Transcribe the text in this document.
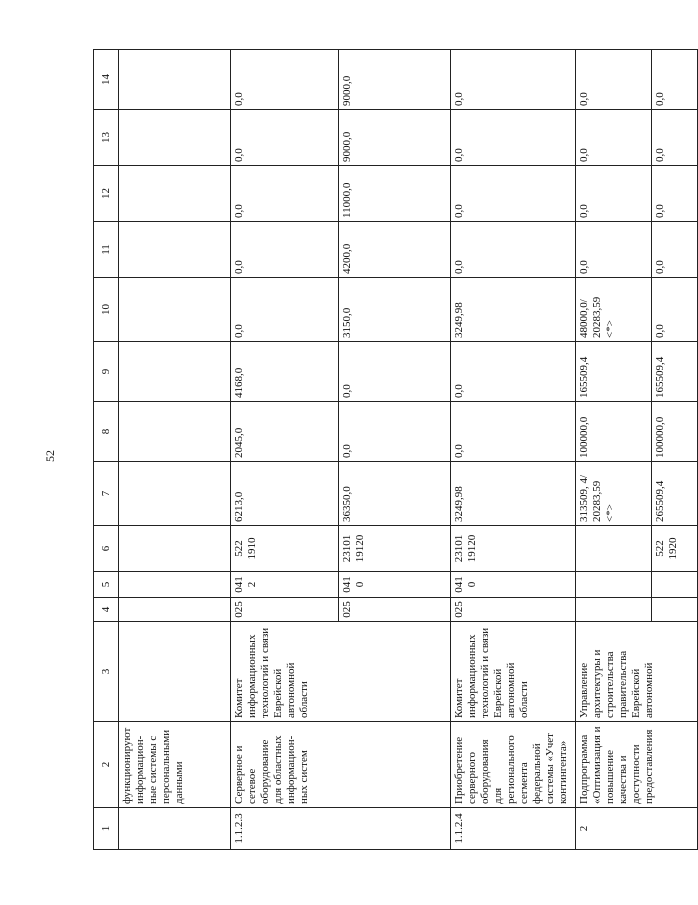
52
1	2	3	4	5	6	7	8	9	10	11	12	13	14
	функционируют информационные системы с персональными данными												
1.1.2.3	Серверное и сетевое оборудование для областных информационных систем	Комитет информационных технологий и связи Еврейской автономной области	025	0412	522 1910	6213,0	2045,0	4168,0	0,0	0,0	0,0	0,0	0,0
			025	0410	23101 19120	36350,0	0,0	0,0	3150,0	4200,0	11000,0	9000,0	9000,0
1.1.2.4	Приобретение серверного оборудования для регионального сегмента федеральной системы «Учет контингента»	Комитет информационных технологий и связи Еврейской автономной области	025	0410	23101 19120	3249,98	0,0	0,0	3249,98	0,0	0,0	0,0	0,0
2	Подпрограмма «Оптимизация и повышение качества и доступности предоставления	Управление архитектуры и строительства правительства Еврейской автономной				313509, 4/ 20283,59 <*>	100000,0	165509,4	48000,0/ 20283,59 <*>	0,0	0,0	0,0	0,0
					522 1920	265509,4	100000,0	165509,4	0,0	0,0	0,0	0,0	0,0
